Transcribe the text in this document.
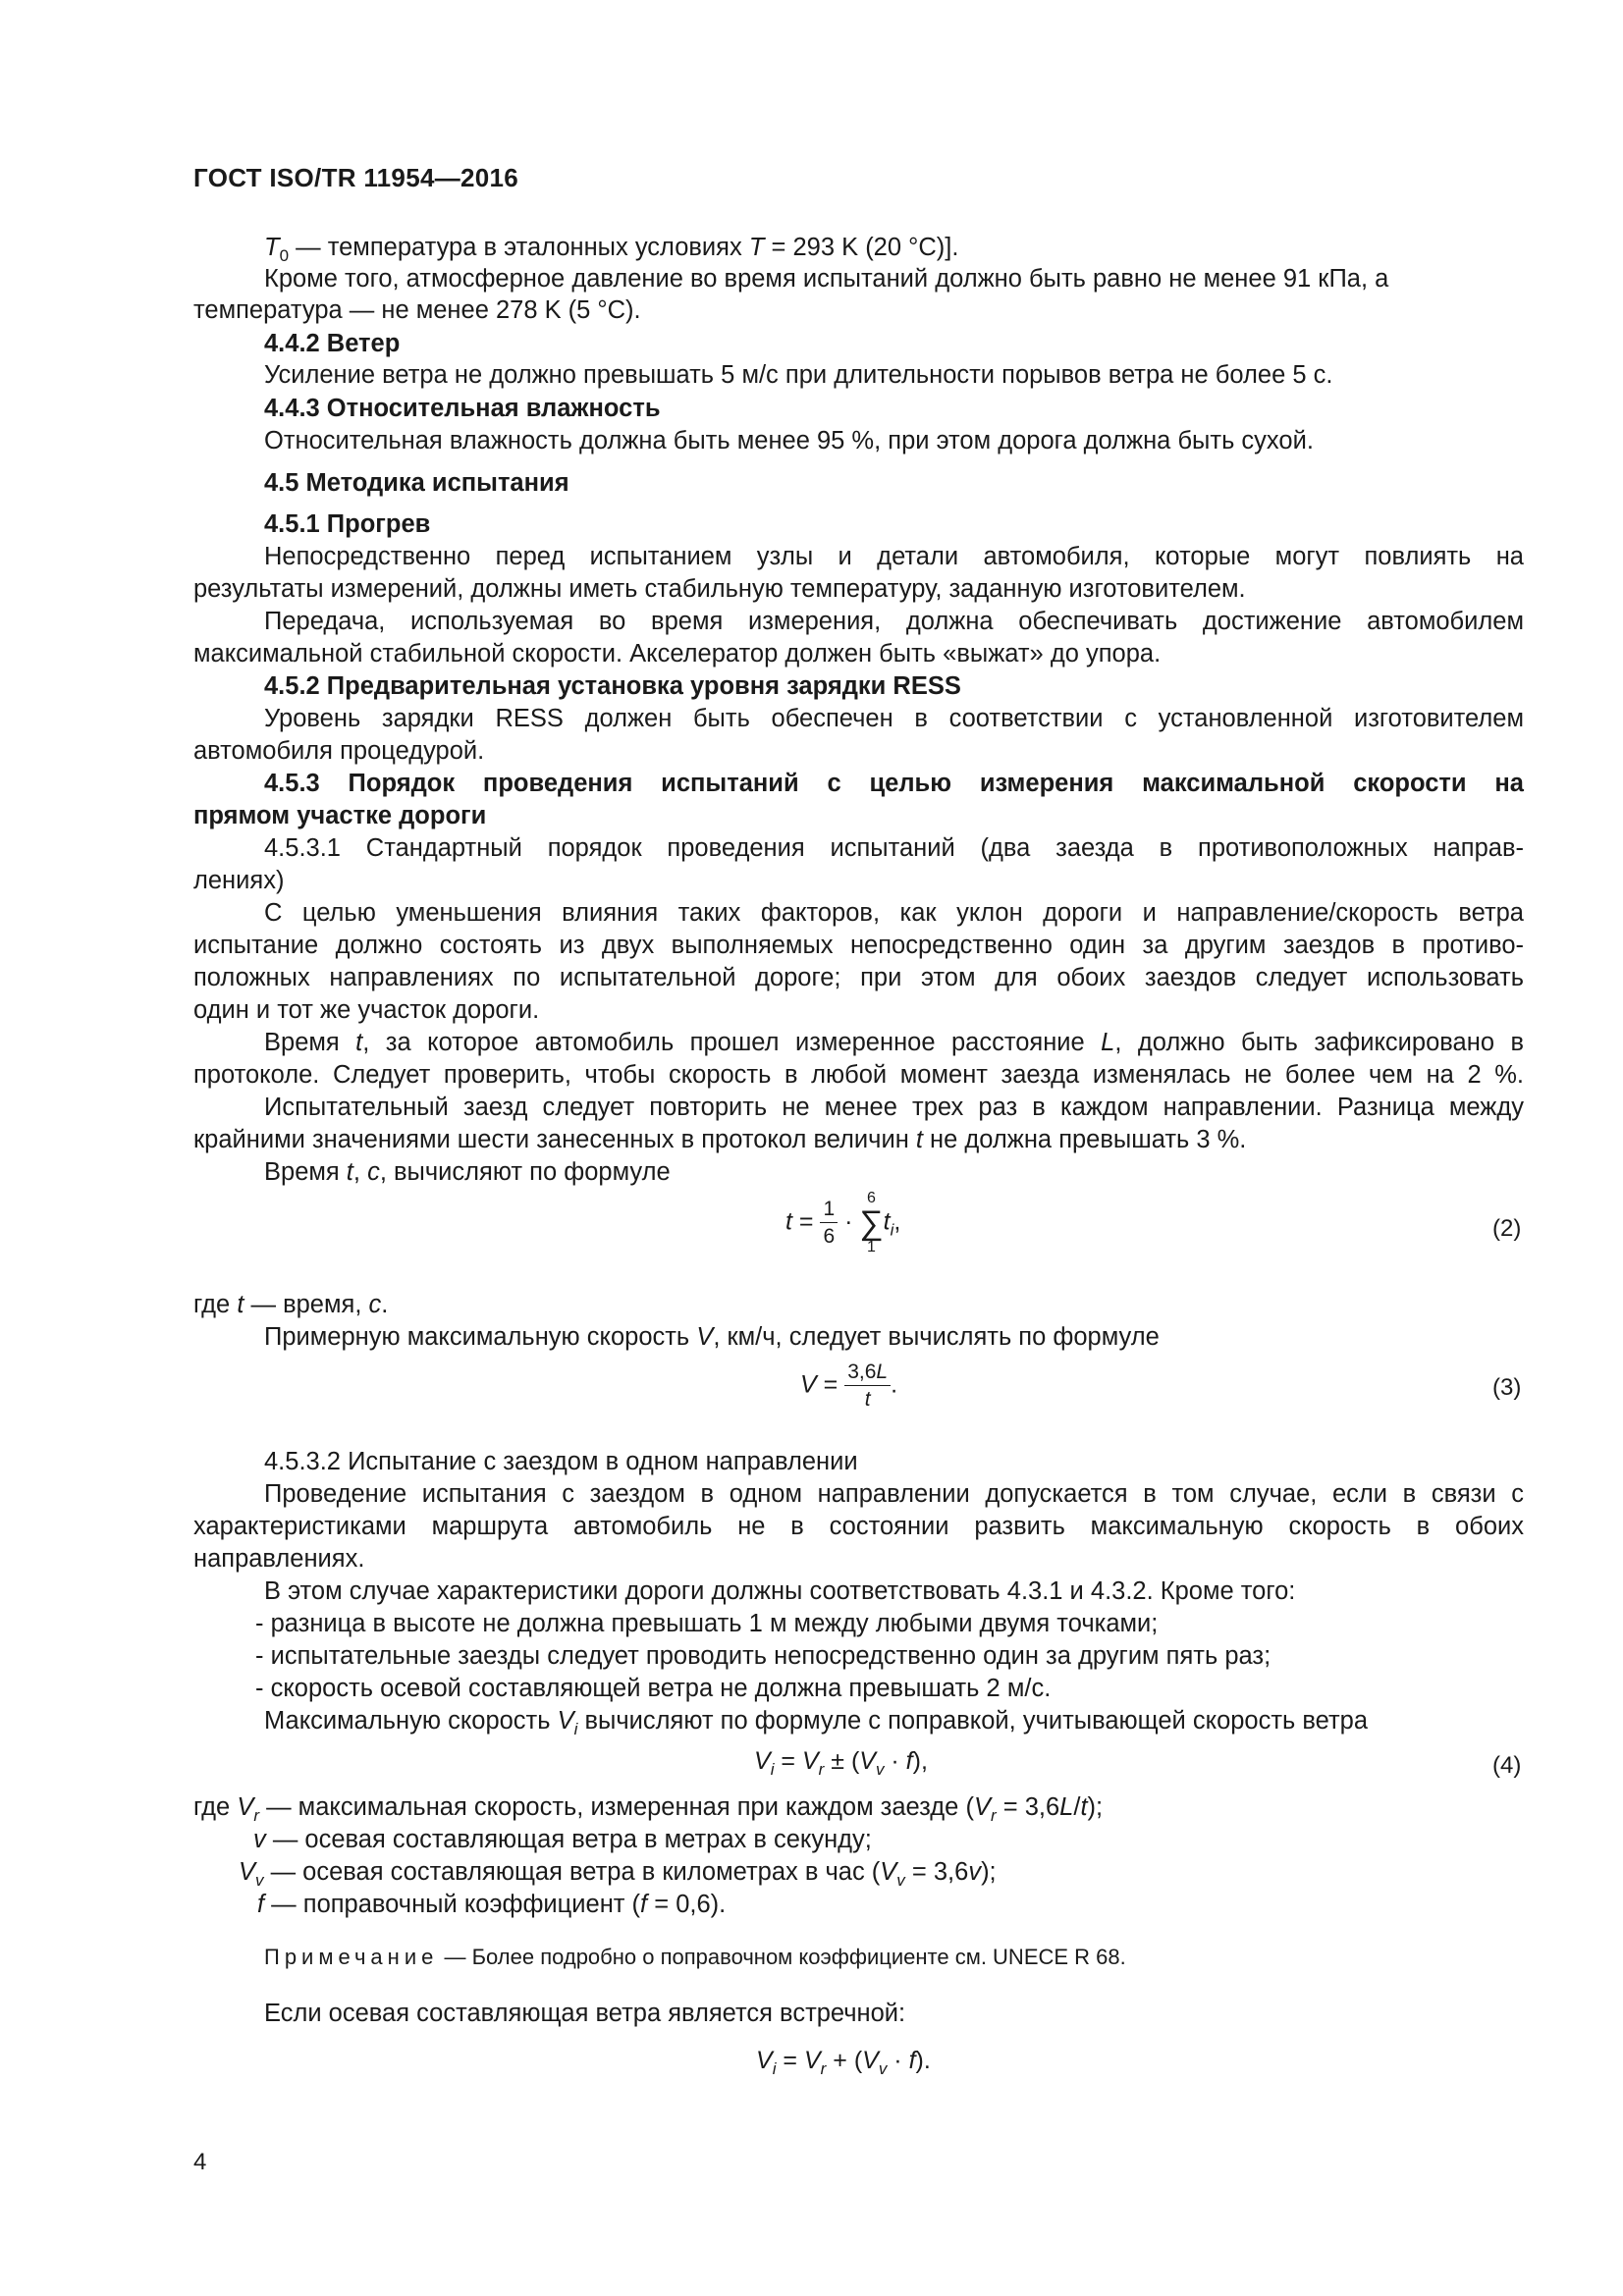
ГОСТ ISO/TR 11954—2016
$T_0$ — температура в эталонных условиях T = 293 K (20 °C)].
Кроме того, атмосферное давление во время испытаний должно быть равно не менее 91 кПа, а
температура — не менее 278 K (5 °C).
4.4.2 Ветер
Усиление ветра не должно превышать 5 м/с при длительности порывов ветра не более 5 с.
4.4.3 Относительная влажность
Относительная влажность должна быть менее 95 %, при этом дорога должна быть сухой.
4.5 Методика испытания
4.5.1 Прогрев
Непосредственно перед испытанием узлы и детали автомобиля, которые могут повлиять на
результаты измерений, должны иметь стабильную температуру, заданную изготовителем.
Передача, используемая во время измерения, должна обеспечивать достижение автомобилем
максимальной стабильной скорости. Акселератор должен быть «выжат» до упора.
4.5.2 Предварительная установка уровня зарядки RESS
Уровень зарядки RESS должен быть обеспечен в соответствии с установленной изготовителем
автомобиля процедурой.
4.5.3 Порядок проведения испытаний с целью измерения максимальной скорости на
прямом участке дороги
4.5.3.1 Стандартный порядок проведения испытаний (два заезда в противоположных направ-
лениях)
С целью уменьшения влияния таких факторов, как уклон дороги и направление/скорость ветра
испытание должно состоять из двух выполняемых непосредственно один за другим заездов в противо-
положных направлениях по испытательной дороге; при этом для обоих заездов следует использовать
один и тот же участок дороги.
Время t, за которое автомобиль прошел измеренное расстояние L, должно быть зафиксировано в
протоколе. Следует проверить, чтобы скорость в любой момент заезда изменялась не более чем на 2 %.
Испытательный заезд следует повторить не менее трех раз в каждом направлении. Разница между
крайними значениями шести занесенных в протокол величин t не должна превышать 3 %.
Время t, c, вычисляют по формуле
$t = \frac{1}{6}$ ·
6
∑
1
$t_i$,	(2)
где t — время, c.
Примерную максимальную скорость V, км/ч, следует вычислять по формуле
$V = \frac{3,6L}{t}$ .	(3)
4.5.3.2 Испытание с заездом в одном направлении
Проведение испытания с заездом в одном направлении допускается в том случае, если в связи с
характеристиками маршрута автомобиль не в состоянии развить максимальную скорость в обоих
направлениях.
В этом случае характеристики дороги должны соответствовать 4.3.1 и 4.3.2. Кроме того:
- разница в высоте не должна превышать 1 м между любыми двумя точками;
- испытательные заезды следует проводить непосредственно один за другим пять раз;
- скорость осевой составляющей ветра не должна превышать 2 м/с.
Максимальную скорость $V_i$ вычисляют по формуле с поправкой, учитывающей скорость ветра
$V_i = V_r \pm (V_v \cdot f)$,	(4)
где $V_r$ — максимальная скорость, измеренная при каждом заезде $(V_r = 3,6L/t)$;
v — осевая составляющая ветра в метрах в секунду;
$V_v$ — осевая составляющая ветра в километрах в час $(V_v = 3,6v)$;
f — поправочный коэффициент (f = 0,6).
Примечание — Более подробно о поправочном коэффициенте см. UNECE R 68.
Если осевая составляющая ветра является встречной:
$V_i = V_r + (V_v \cdot f)$.
4
